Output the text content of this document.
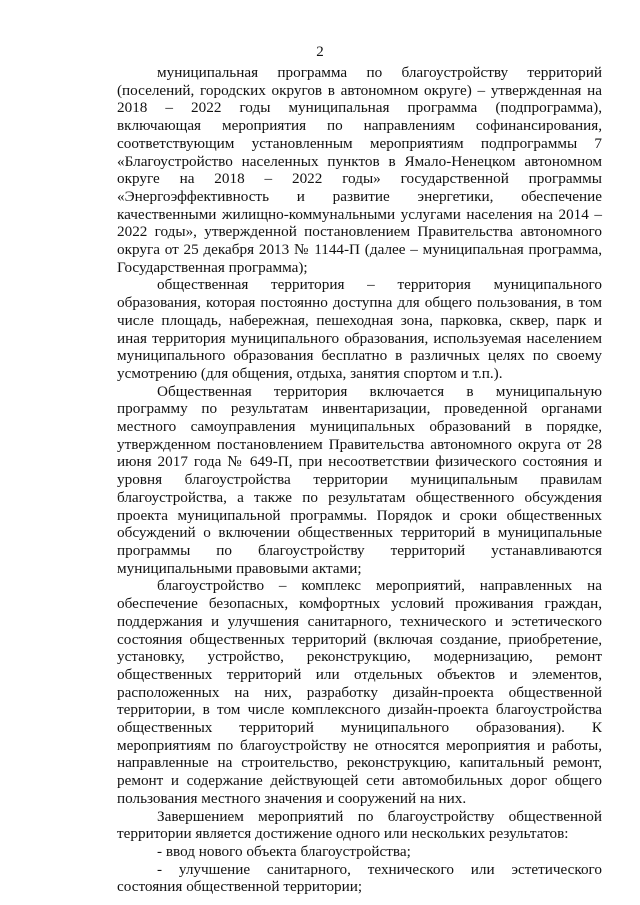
2

муниципальная программа по благоустройству территорий (поселений, городских округов в автономном округе) – утвержденная на 2018 – 2022 годы муниципальная программа (подпрограмма), включающая мероприятия по направлениям софинансирования, соответствующим установленным мероприятиям подпрограммы 7 «Благоустройство населенных пунктов в Ямало-Ненецком автономном округе на 2018 – 2022 годы» государственной программы «Энергоэффективность и развитие энергетики, обеспечение качественными жилищно-коммунальными услугами населения на 2014 – 2022 годы», утвержденной постановлением Правительства автономного округа от 25 декабря 2013 № 1144-П (далее – муниципальная программа, Государственная программа);

общественная территория – территория муниципального образования, которая постоянно доступна для общего пользования, в том числе площадь, набережная, пешеходная зона, парковка, сквер, парк и иная территория муниципального образования, используемая населением муниципального образования бесплатно в различных целях по своему усмотрению (для общения, отдыха, занятия спортом и т.п.).

Общественная территория включается в муниципальную программу по результатам инвентаризации, проведенной органами местного самоуправления муниципальных образований в порядке, утвержденном постановлением Правительства автономного округа от 28 июня 2017 года № 649-П, при несоответствии физического состояния и уровня благоустройства территории муниципальным правилам благоустройства, а также по результатам общественного обсуждения проекта муниципальной программы. Порядок и сроки общественных обсуждений о включении общественных территорий в муниципальные программы по благоустройству территорий устанавливаются муниципальными правовыми актами;

благоустройство – комплекс мероприятий, направленных на обеспечение безопасных, комфортных условий проживания граждан, поддержания и улучшения санитарного, технического и эстетического состояния общественных территорий (включая создание, приобретение, установку, устройство, реконструкцию, модернизацию, ремонт общественных территорий или отдельных объектов и элементов, расположенных на них, разработку дизайн-проекта общественной территории, в том числе комплексного дизайн-проекта благоустройства общественных территорий муниципального образования). К мероприятиям по благоустройству не относятся мероприятия и работы, направленные на строительство, реконструкцию, капитальный ремонт, ремонт и содержание действующей сети автомобильных дорог общего пользования местного значения и сооружений на них.

Завершением мероприятий по благоустройству общественной территории является достижение одного или нескольких результатов:

- ввод нового объекта благоустройства;

- улучшение санитарного, технического или эстетического состояния общественной территории;
